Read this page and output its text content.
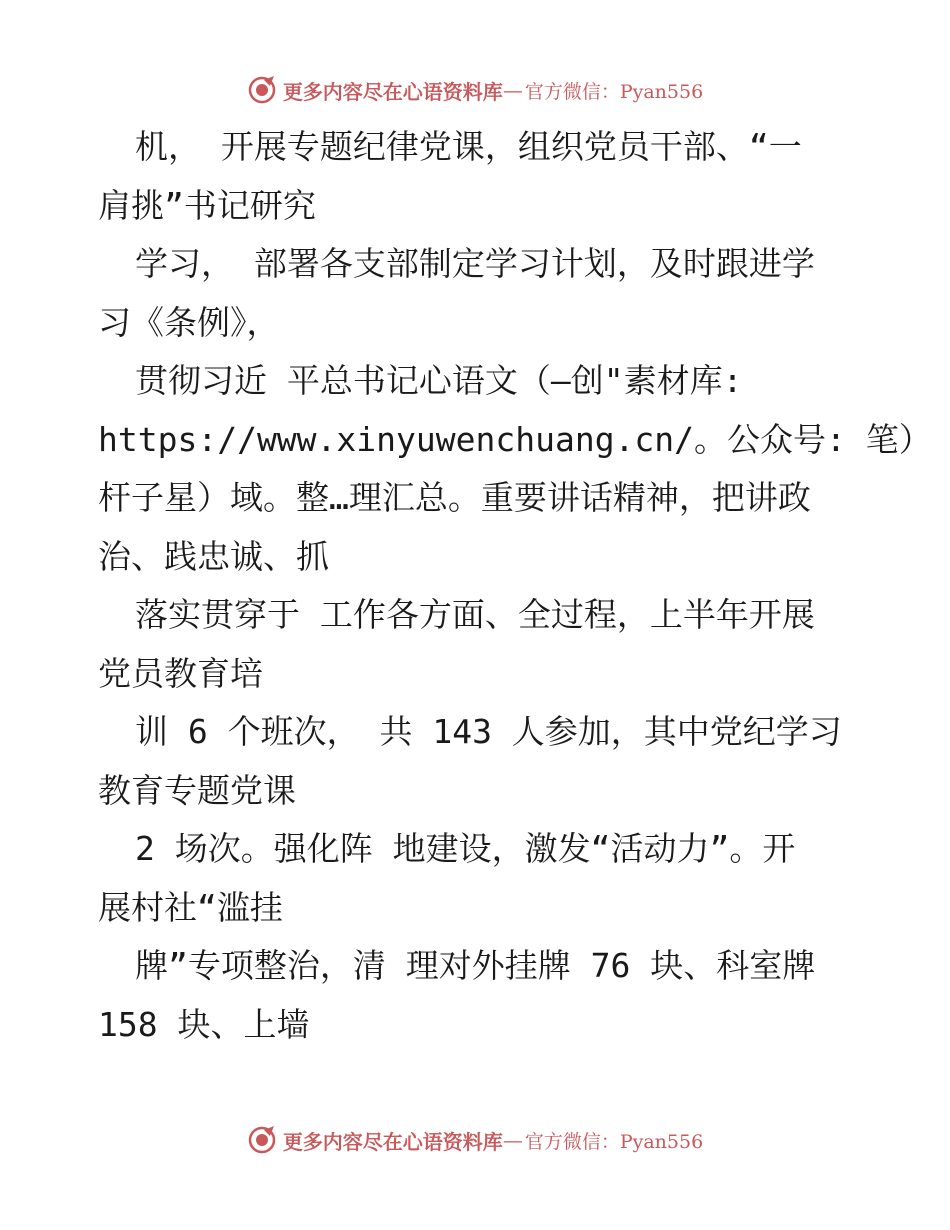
更多内容尽在心语资料库 — 官方微信：Pyan556
机， 开展专题纪律党课，组织党员干部、“一
肩挑”书记研究
学习， 部署各支部制定学习计划，及时跟进学
习《条例》，
贯彻习近 平总书记心语文（—创"素材库:
https://www.xinyuwenchuang.cn/。公众号: 笔）
杆子星）域。整…理汇总。重要讲话精神，把讲政
治、践忠诚、抓
落实贯穿于 工作各方面、全过程，上半年开展
党员教育培
训 6 个班次， 共 143 人参加，其中党纪学习
教育专题党课
2 场次。强化阵 地建设，激发“活动力”。开
展村社“滥挂
牌”专项整治，清 理对外挂牌 76 块、科室牌
158 块、上墙
更多内容尽在心语资料库 — 官方微信：Pyan556
